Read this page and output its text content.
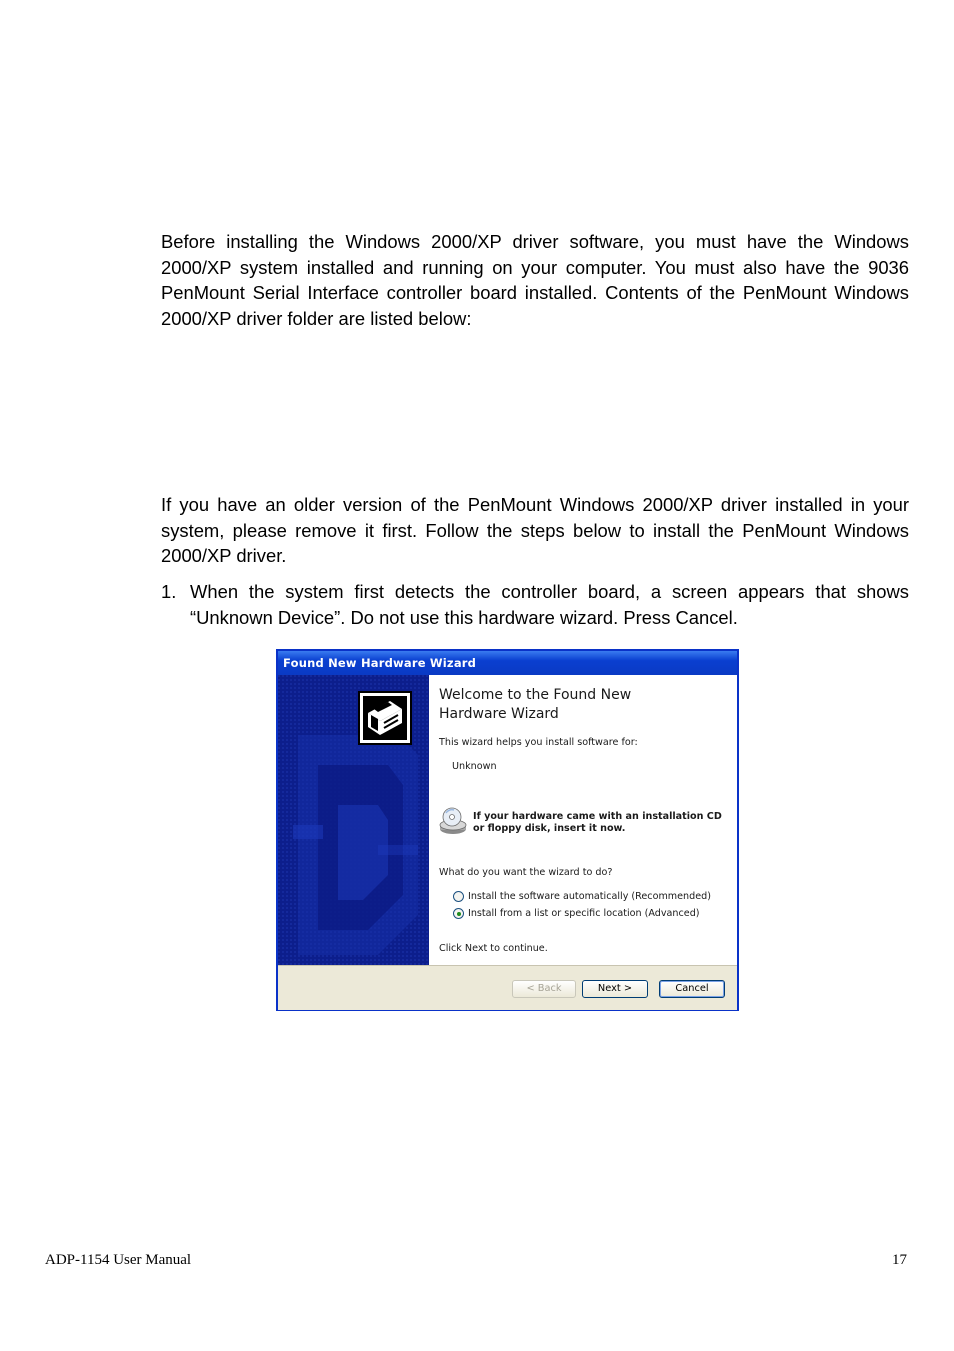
Before installing the Windows 2000/XP driver software, you must have the Windows 2000/XP system installed and running on your computer. You must also have the 9036 PenMount Serial Interface controller board installed. Contents of the PenMount Windows 2000/XP driver folder are listed below:

If you have an older version of the PenMount Windows 2000/XP driver installed in your system, please remove it first. Follow the steps below to install the PenMount Windows 2000/XP driver.

1. When the system first detects the controller board, a screen appears that shows “Unknown Device”. Do not use this hardware wizard. Press Cancel.
Found New Hardware Wizard
Welcome to the Found New
Hardware Wizard
This wizard helps you install software for:
Unknown
If your hardware came with an installation CD
or floppy disk, insert it now.
What do you want the wizard to do?
Install the software automatically (Recommended)
Install from a list or specific location (Advanced)
Click Next to continue.
< Back	Next >	Cancel
ADP-1154 User Manual	17
